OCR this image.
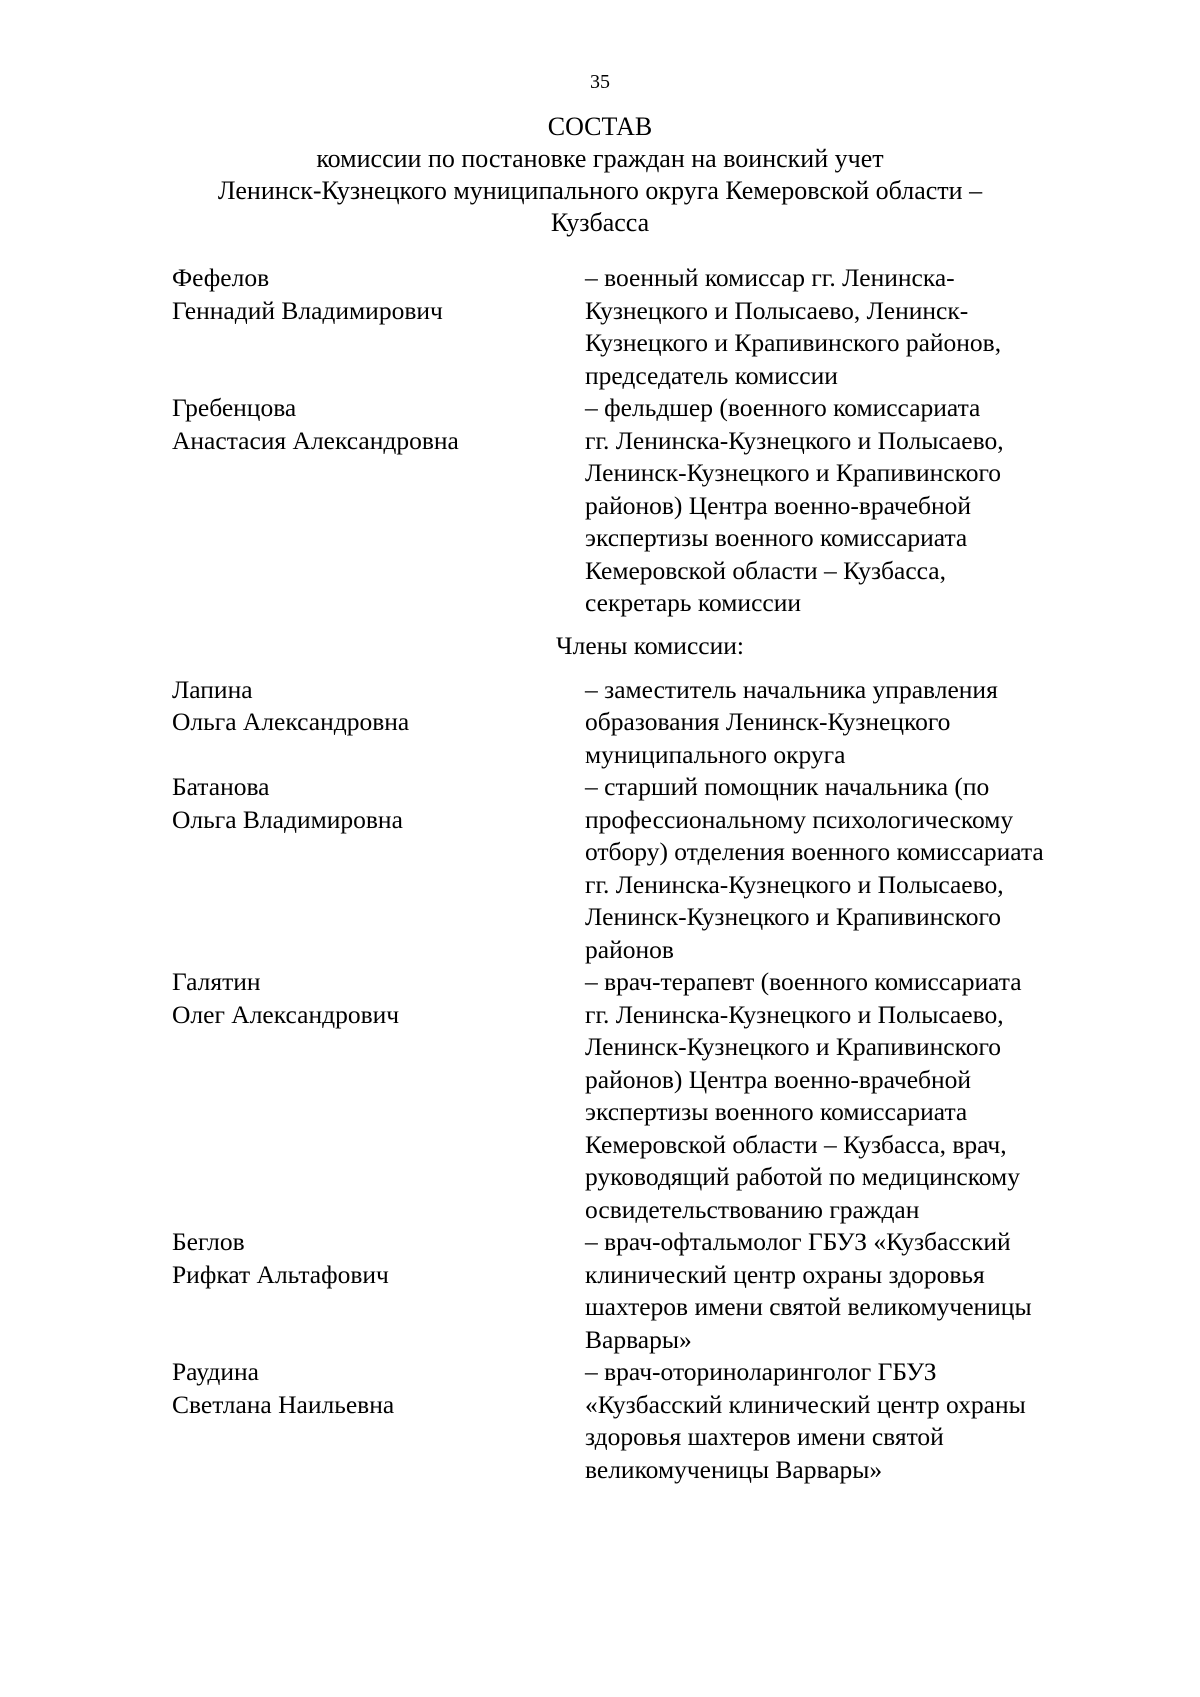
35
СОСТАВ
комиссии по постановке граждан на воинский учет
Ленинск-Кузнецкого муниципального округа Кемеровской области –
Кузбасса
Фефелов
Геннадий Владимирович
– военный комиссар гг. Ленинска-
Кузнецкого и Полысаево, Ленинск-
Кузнецкого и Крапивинского районов,
председатель комиссии
Гребенцова
Анастасия Александровна
– фельдшер (военного комиссариата
гг. Ленинска-Кузнецкого и Полысаево,
Ленинск-Кузнецкого и Крапивинского
районов) Центра военно-врачебной
экспертизы военного комиссариата
Кемеровской области – Кузбасса,
секретарь комиссии
Члены комиссии:
Лапина
Ольга Александровна
– заместитель начальника управления
образования Ленинск-Кузнецкого
муниципального округа
Батанова
Ольга Владимировна
– старший помощник начальника (по
профессиональному психологическому
отбору) отделения военного комиссариата
гг. Ленинска-Кузнецкого и Полысаево,
Ленинск-Кузнецкого и Крапивинского
районов
Галятин
Олег Александрович
– врач-терапевт (военного комиссариата
гг. Ленинска-Кузнецкого и Полысаево,
Ленинск-Кузнецкого и Крапивинского
районов) Центра военно-врачебной
экспертизы военного комиссариата
Кемеровской области – Кузбасса, врач,
руководящий работой по медицинскому
освидетельствованию граждан
Беглов
Рифкат Альтафович
– врач-офтальмолог ГБУЗ «Кузбасский
клинический центр охраны здоровья
шахтеров имени святой великомученицы
Варвары»
Раудина
Светлана Наильевна
– врач-оториноларинголог ГБУЗ
«Кузбасский клинический центр охраны
здоровья шахтеров имени святой
великомученицы Варвары»
